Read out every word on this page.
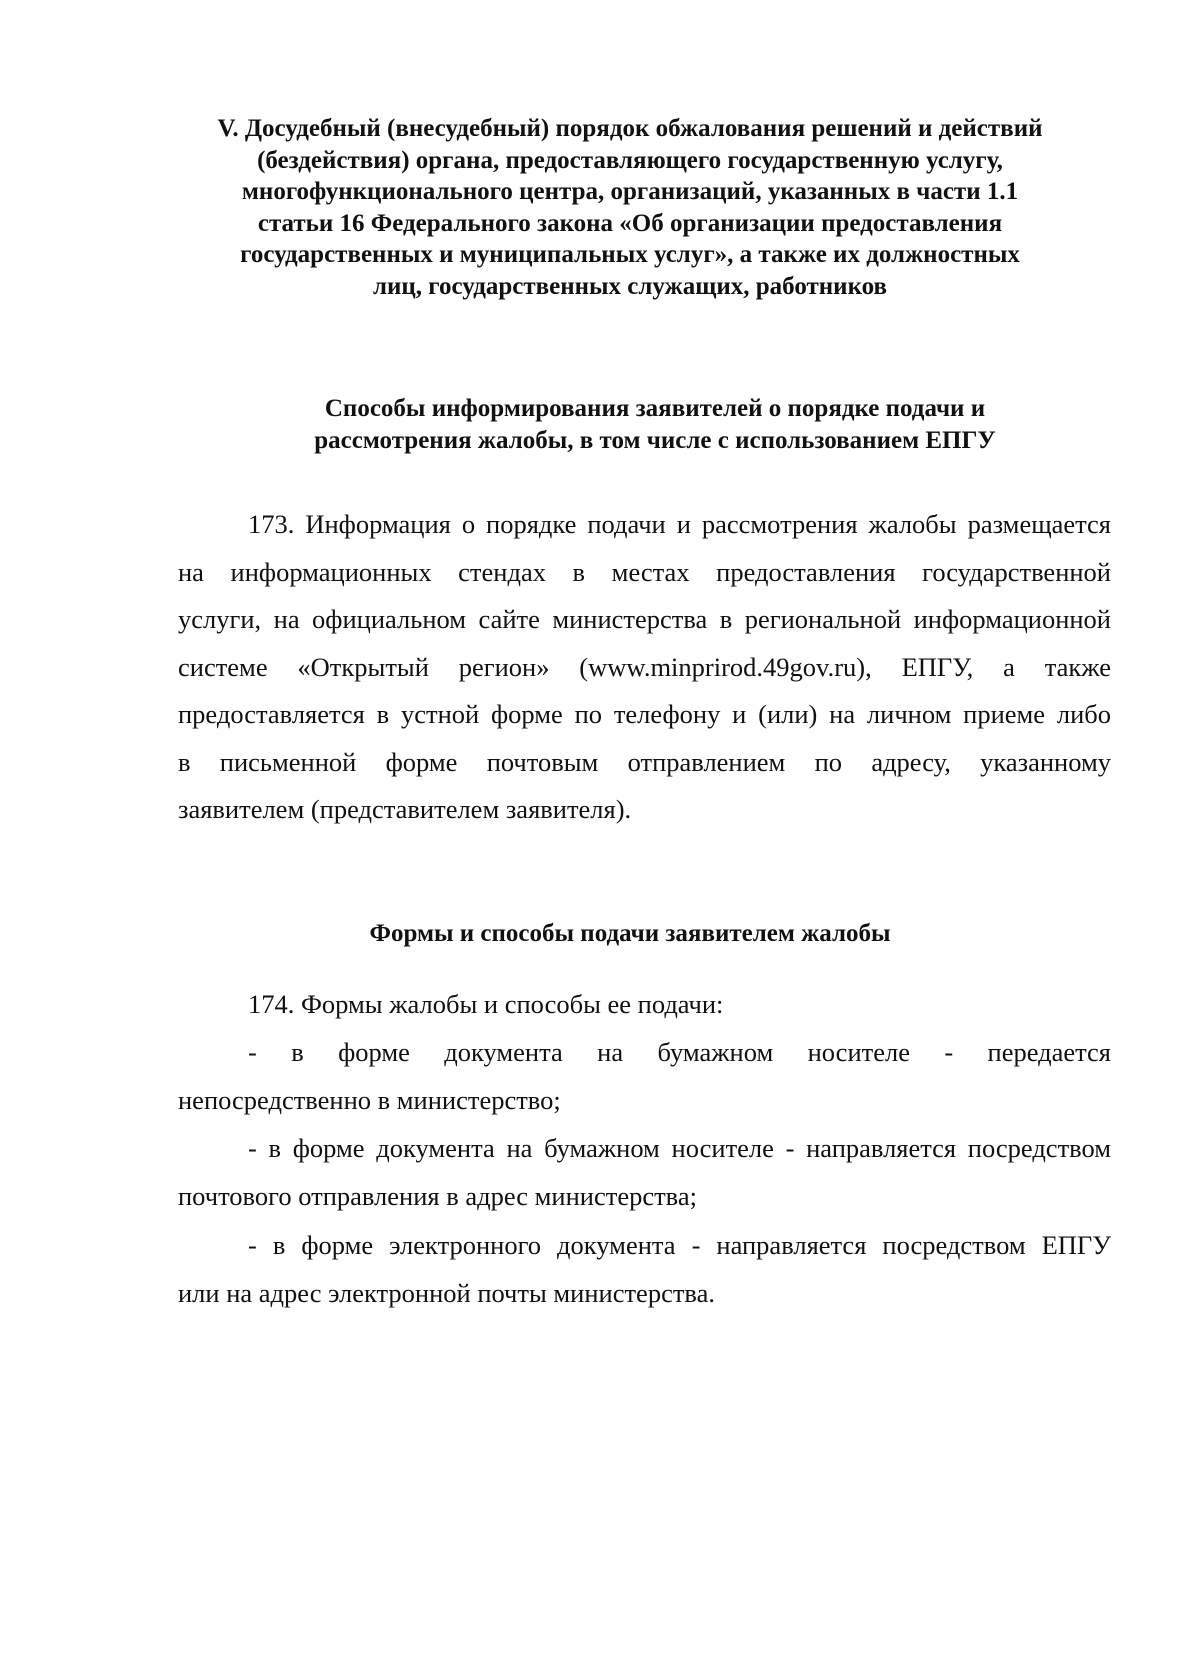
V. Досудебный (внесудебный) порядок обжалования решений и действий
(бездействия) органа, предоставляющего государственную услугу,
многофункционального центра, организаций, указанных в части 1.1
статьи 16 Федерального закона «Об организации предоставления
государственных и муниципальных услуг», а также их должностных
лиц, государственных служащих, работников
Способы информирования заявителей о порядке подачи и
рассмотрения жалобы, в том числе с использованием ЕПГУ
173. Информация о порядке подачи и рассмотрения жалобы размещается
на информационных стендах в местах предоставления государственной
услуги, на официальном сайте министерства в региональной информационной
системе «Открытый регион» (www.minprirod.49gov.ru), ЕПГУ, а также
предоставляется в устной форме по телефону и (или) на личном приеме либо
в письменной форме почтовым отправлением по адресу, указанному
заявителем (представителем заявителя).
Формы и способы подачи заявителем жалобы
174. Формы жалобы и способы ее подачи:
- в форме документа на бумажном носителе - передается
непосредственно в министерство;
- в форме документа на бумажном носителе - направляется посредством
почтового отправления в адрес министерства;
- в форме электронного документа - направляется посредством ЕПГУ
или на адрес электронной почты министерства.
